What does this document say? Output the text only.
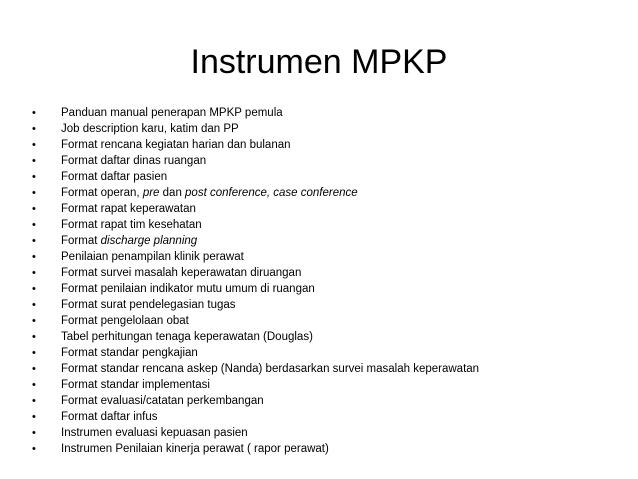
Instrumen MPKP
•	Panduan manual penerapan MPKP pemula
•	Job description karu, katim dan PP
•	Format rencana kegiatan harian dan bulanan
•	Format daftar dinas ruangan
•	Format daftar pasien
•	Format operan, pre dan post conference, case conference
•	Format rapat keperawatan
•	Format rapat tim kesehatan
•	Format discharge planning
•	Penilaian penampilan klinik perawat
•	Format survei masalah keperawatan diruangan
•	Format penilaian indikator mutu umum di ruangan
•	Format surat pendelegasian tugas
•	Format pengelolaan obat
•	Tabel perhitungan tenaga keperawatan (Douglas)
•	Format standar pengkajian
•	Format standar rencana askep (Nanda) berdasarkan survei masalah keperawatan
•	Format standar implementasi
•	Format evaluasi/catatan perkembangan
•	Format daftar infus
•	Instrumen evaluasi kepuasan pasien
•	Instrumen Penilaian kinerja perawat ( rapor perawat)
